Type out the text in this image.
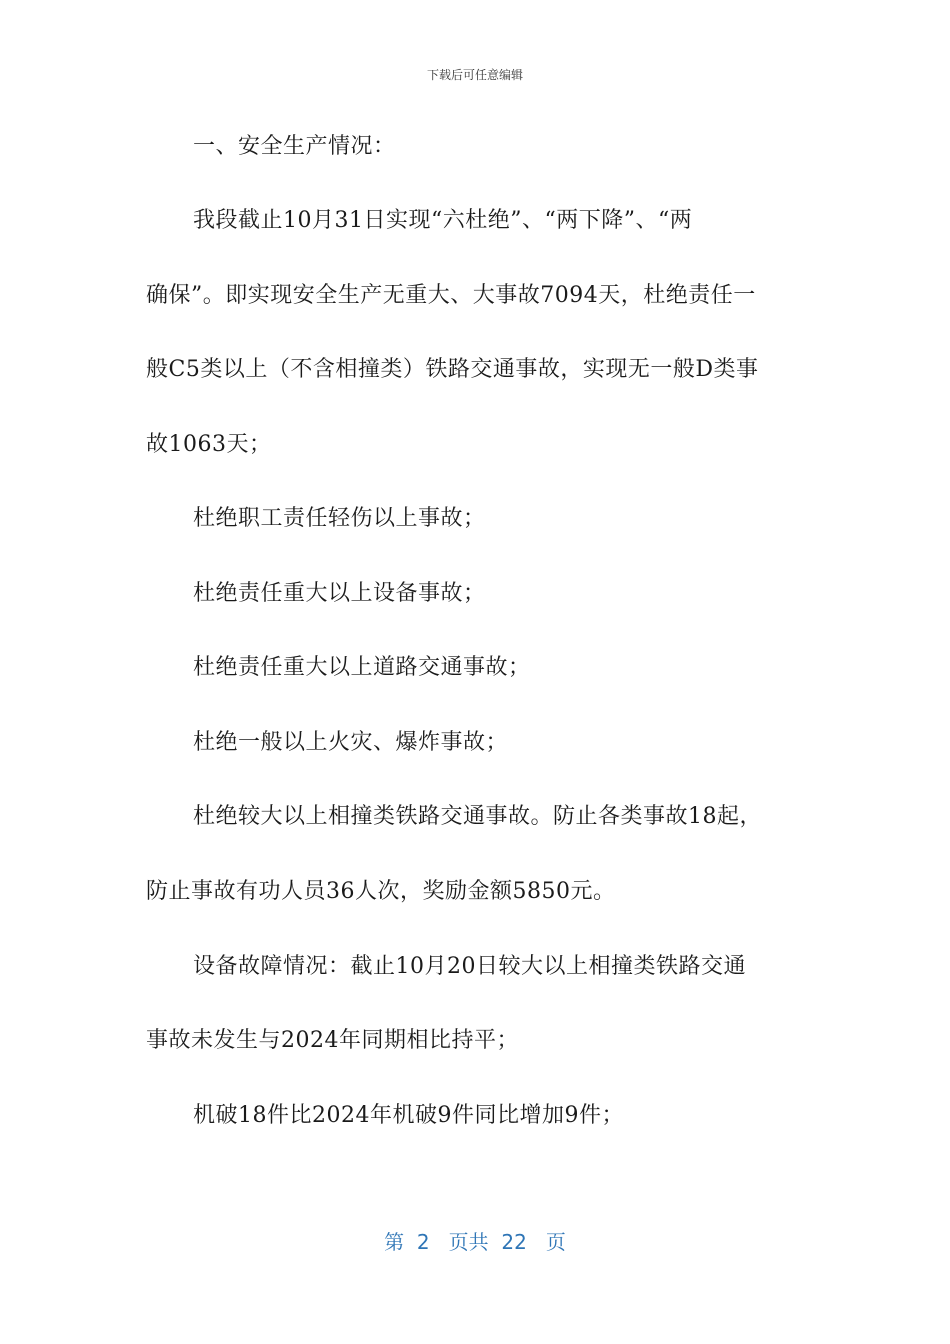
下载后可任意编辑
一、安全生产情况：
我段截止10月31日实现“六杜绝”、“两下降”、“两
确保”。即实现安全生产无重大、大事故7094天，杜绝责任一
般C5类以上（不含相撞类）铁路交通事故，实现无一般D类事
故1063天；
杜绝职工责任轻伤以上事故；
杜绝责任重大以上设备事故；
杜绝责任重大以上道路交通事故；
杜绝一般以上火灾、爆炸事故；
杜绝较大以上相撞类铁路交通事故。防止各类事故18起，
防止事故有功人员36人次，奖励金额5850元。
设备故障情况：截止10月20日较大以上相撞类铁路交通
事故未发生与2024年同期相比持平；
机破18件比2024年机破9件同比增加9件；
第 2 页共 22 页
